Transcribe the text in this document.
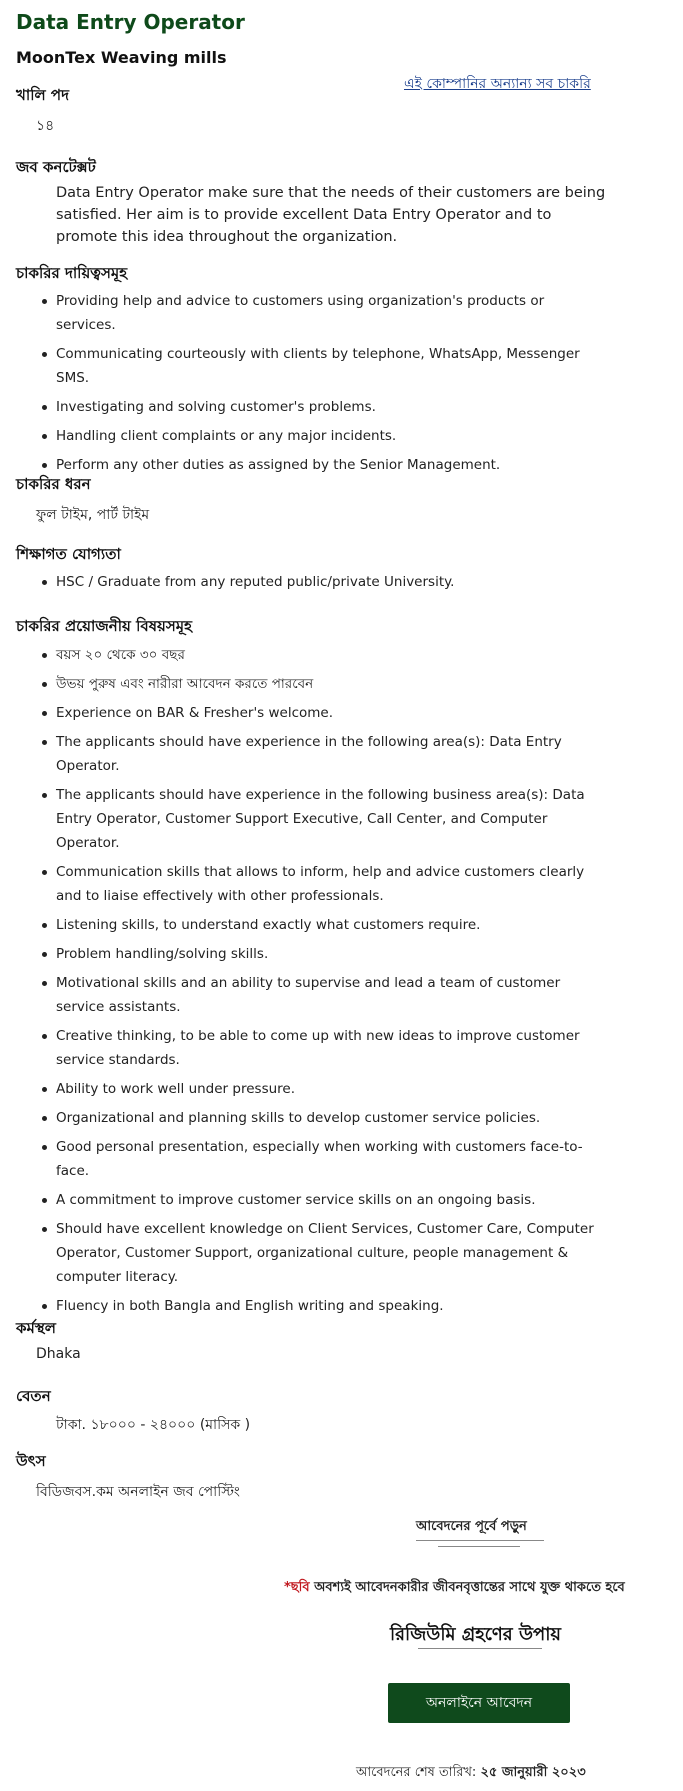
Data Entry Operator
MoonTex Weaving mills
এই কোম্পানির অন্যান্য সব চাকরি
খালি পদ
১৪
জব কনটেক্সট
Data Entry Operator make sure that the needs of their customers are being satisfied. Her aim is to provide excellent Data Entry Operator and to promote this idea throughout the organization.
চাকরির দায়িত্বসমূহ
Providing help and advice to customers using organization's products or services.
Communicating courteously with clients by telephone, WhatsApp, Messenger SMS.
Investigating and solving customer's problems.
Handling client complaints or any major incidents.
Perform any other duties as assigned by the Senior Management.
চাকরির ধরন
ফুল টাইম, পার্ট টাইম
শিক্ষাগত যোগ্যতা
HSC / Graduate from any reputed public/private University.
চাকরির প্রয়োজনীয় বিষয়সমূহ
বয়স ২০ থেকে ৩০ বছর
উভয় পুরুষ এবং নারীরা আবেদন করতে পারবেন
Experience on BAR & Fresher's welcome.
The applicants should have experience in the following area(s): Data Entry Operator.
The applicants should have experience in the following business area(s): Data Entry Operator, Customer Support Executive, Call Center, and Computer Operator.
Communication skills that allows to inform, help and advice customers clearly and to liaise effectively with other professionals.
Listening skills, to understand exactly what customers require.
Problem handling/solving skills.
Motivational skills and an ability to supervise and lead a team of customer service assistants.
Creative thinking, to be able to come up with new ideas to improve customer service standards.
Ability to work well under pressure.
Organizational and planning skills to develop customer service policies.
Good personal presentation, especially when working with customers face-to-face.
A commitment to improve customer service skills on an ongoing basis.
Should have excellent knowledge on Client Services, Customer Care, Computer Operator, Customer Support, organizational culture, people management & computer literacy.
Fluency in both Bangla and English writing and speaking.
কর্মস্থল
Dhaka
বেতন
টাকা. ১৮০০০ - ২৪০০০ (মাসিক )
উৎস
বিডিজবস.কম অনলাইন জব পোস্টিং
আবেদনের পূর্বে পড়ুন
*ছবি অবশ্যই আবেদনকারীর জীবনবৃত্তান্তের সাথে যুক্ত থাকতে হবে
রিজিউমি গ্রহণের উপায়
অনলাইনে আবেদন
আবেদনের শেষ তারিখ: ২৫ জানুয়ারী ২০২৩
